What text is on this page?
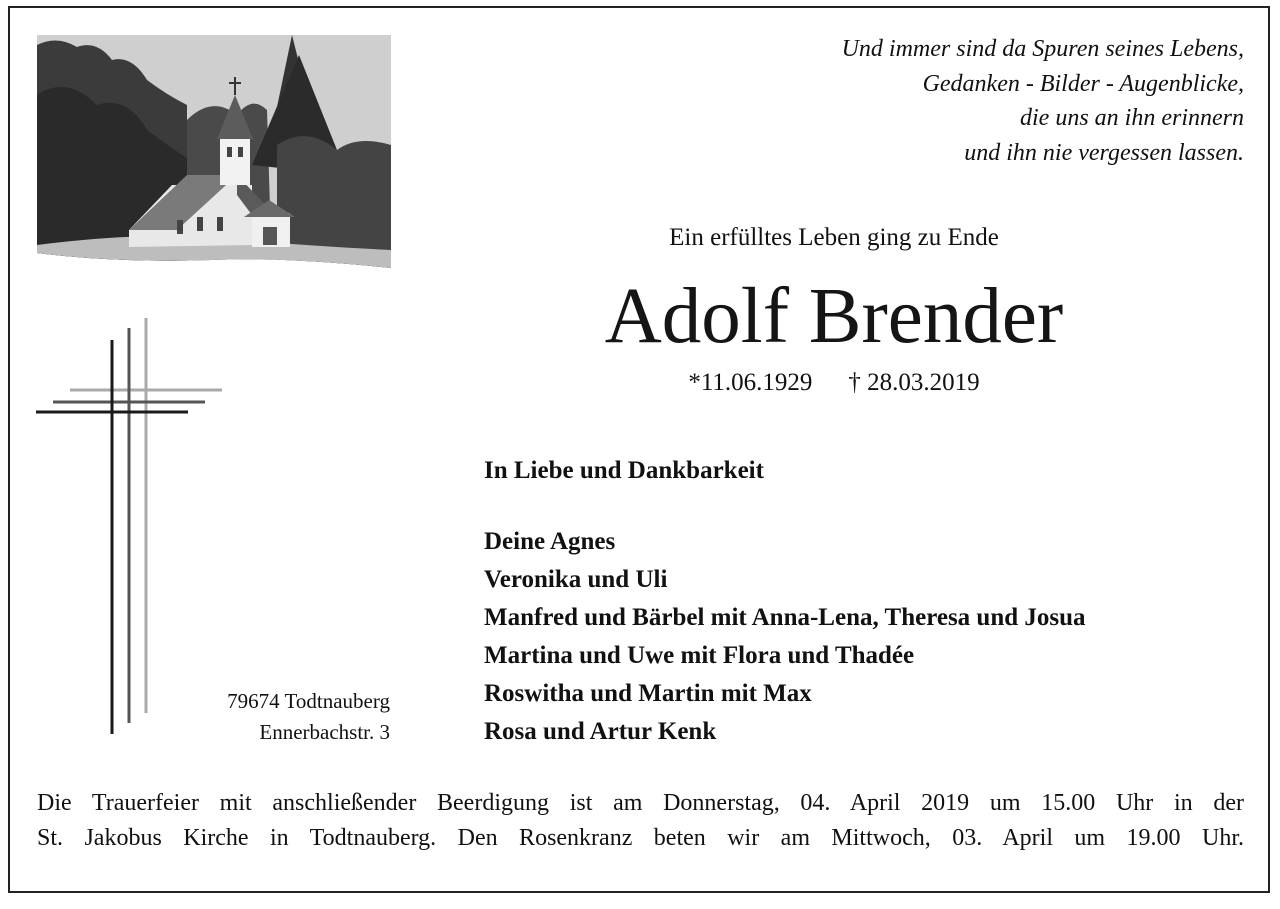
Und immer sind da Spuren seines Lebens,
Gedanken - Bilder - Augenblicke,
die uns an ihn erinnern
und ihn nie vergessen lassen.
Ein erfülltes Leben ging zu Ende
Adolf Brender
*11.06.1929 † 28.03.2019
79674 Todtnauberg
Ennerbachstr. 3
In Liebe und Dankbarkeit
Deine Agnes
Veronika und Uli
Manfred und Bärbel mit Anna-Lena, Theresa und Josua
Martina und Uwe mit Flora und Thadée
Roswitha und Martin mit Max
Rosa und Artur Kenk
Die Trauerfeier mit anschließender Beerdigung ist am Donnerstag, 04. April 2019 um 15.00 Uhr in der
St. Jakobus Kirche in Todtnauberg. Den Rosenkranz beten wir am Mittwoch, 03. April um 19.00 Uhr.
